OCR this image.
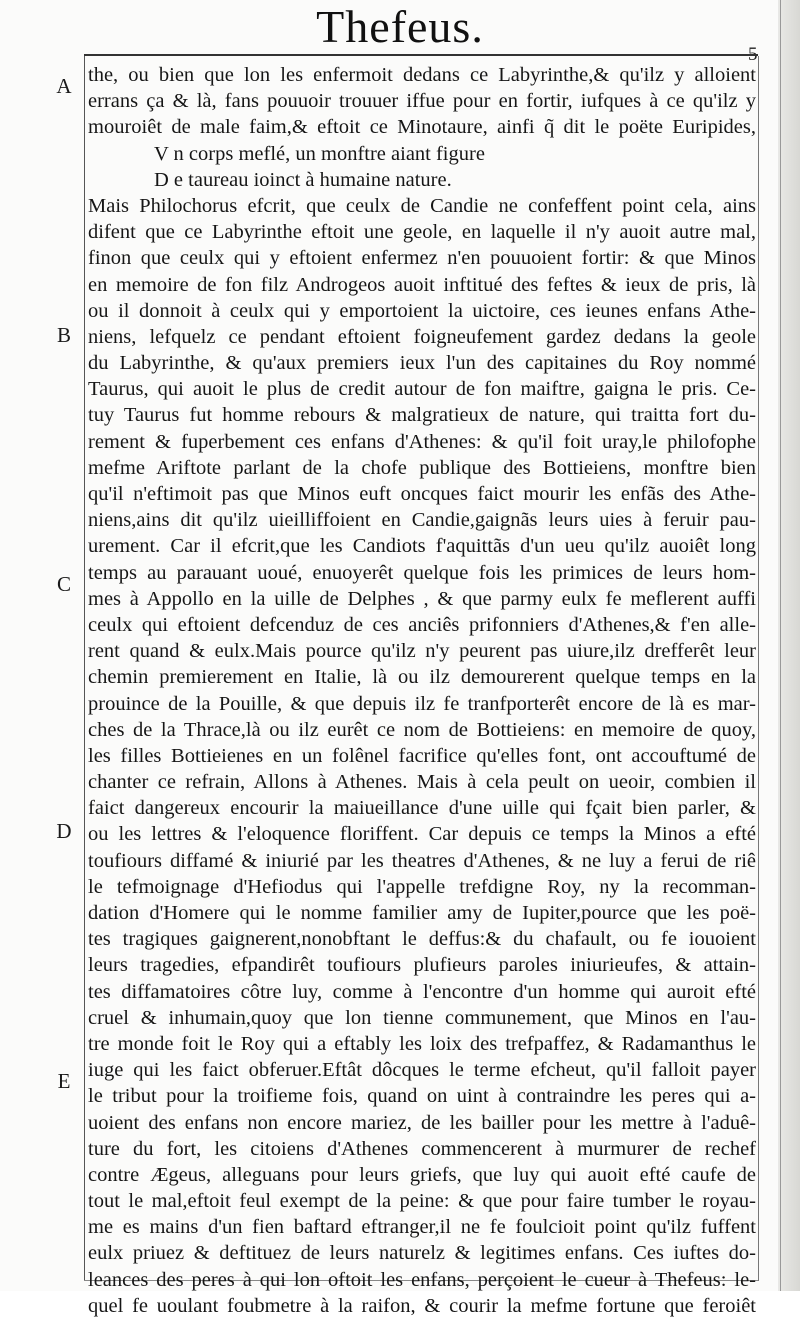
Thefeus.
A
B
C
D
E
the, ou bien que lon les enfermoit dedans ce Labyrinthe,& qu'ilz y alloient
errans ça & là, fans pouuoir trouuer iffue pour en fortir, iufques à ce qu'ilz y
mouroiêt de male faim,& eftoit ce Minotaure, ainfi q̃ dit le poëte Euripides,
V n corps meflé, un monftre aiant figure
D e taureau ioinct à humaine nature.
Mais Philochorus efcrit, que ceulx de Candie ne confeffent point cela, ains
difent que ce Labyrinthe eftoit une geole, en laquelle il n'y auoit autre mal,
finon que ceulx qui y eftoient enfermez n'en pouuoient fortir: & que Minos
en memoire de fon filz Androgeos auoit inftitué des feftes & ieux de pris, là
ou il donnoit à ceulx qui y emportoient la uictoire, ces ieunes enfans Athe-
niens, lefquelz ce pendant eftoient foigneufement gardez dedans la geole
du Labyrinthe, & qu'aux premiers ieux l'un des capitaines du Roy nommé
Taurus, qui auoit le plus de credit autour de fon maiftre, gaigna le pris. Ce-
tuy Taurus fut homme rebours & malgratieux de nature, qui traitta fort du-
rement & fuperbement ces enfans d'Athenes: & qu'il foit uray,le philofophe
mefme Ariftote parlant de la chofe publique des Bottieiens, monftre bien
qu'il n'eftimoit pas que Minos euft oncques faict mourir les enfãs des Athe-
niens,ains dit qu'ilz uieilliffoient en Candie,gaignãs leurs uies à feruir pau-
urement. Car il efcrit,que les Candiots f'aquittãs d'un ueu qu'ilz auoiêt long
temps au parauant uoué, enuoyerêt quelque fois les primices de leurs hom-
mes à Appollo en la uille de Delphes , & que parmy eulx fe meflerent auffi
ceulx qui eftoient defcenduz de ces anciês prifonniers d'Athenes,& f'en alle-
rent quand & eulx.Mais pource qu'ilz n'y peurent pas uiure,ilz drefferêt leur
chemin premierement en Italie, là ou ilz demourerent quelque temps en la
prouince de la Pouille, & que depuis ilz fe tranfporterêt encore de là es mar-
ches de la Thrace,là ou ilz eurêt ce nom de Bottieiens: en memoire de quoy,
les filles Bottieienes en un folênel facrifice qu'elles font, ont accouftumé de
chanter ce refrain, Allons à Athenes. Mais à cela peult on ueoir, combien il
faict dangereux encourir la maiueillance d'une uille qui fçait bien parler, &
ou les lettres & l'eloquence floriffent. Car depuis ce temps la Minos a efté
toufiours diffamé & iniurié par les theatres d'Athenes, & ne luy a ferui de riê
le tefmoignage d'Hefiodus qui l'appelle trefdigne Roy, ny la recomman-
dation d'Homere qui le nomme familier amy de Iupiter,pource que les poë-
tes tragiques gaignerent,nonobftant le deffus:& du chafault, ou fe iouoient
leurs tragedies, efpandirêt toufiours plufieurs paroles iniurieufes, & attain-
tes diffamatoires côtre luy, comme à l'encontre d'un homme qui auroit efté
cruel & inhumain,quoy que lon tienne communement, que Minos en l'au-
tre monde foit le Roy qui a eftably les loix des trefpaffez, & Radamanthus le
iuge qui les faict obferuer.Eftât dôcques le terme efcheut, qu'il falloit payer
le tribut pour la troifieme fois, quand on uint à contraindre les peres qui a-
uoient des enfans non encore mariez, de les bailler pour les mettre à l'aduê-
ture du fort, les citoiens d'Athenes commencerent à murmurer de rechef
contre Ægeus, alleguans pour leurs griefs, que luy qui auoit efté caufe de
tout le mal,eftoit feul exempt de la peine: & que pour faire tumber le royau-
me es mains d'un fien baftard eftranger,il ne fe foulcioit point qu'ilz fuffent
eulx priuez & deftituez de leurs naturelz & legitimes enfans. Ces iuftes do-
leances des peres à qui lon oftoit les enfans, perçoient le cueur à Thefeus: le-
quel fe uoulant foubmetre à la raifon, & courir la mefme fortune que feroiêt
